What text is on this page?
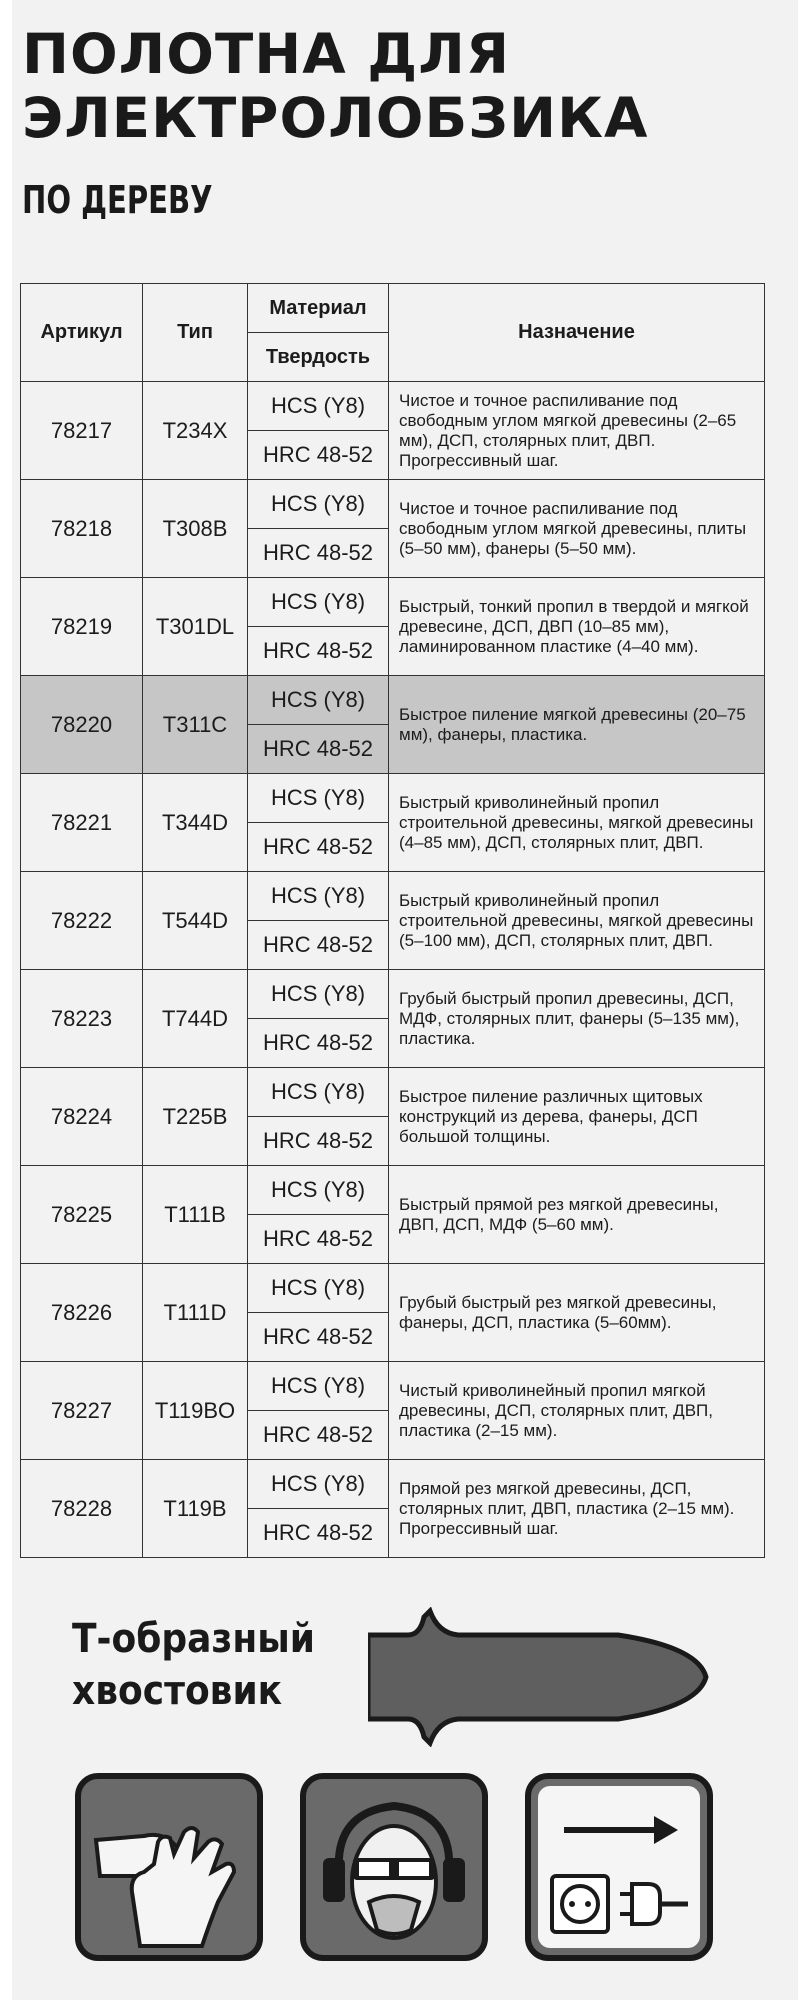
ПОЛОТНА ДЛЯ
ЭЛЕКТРОЛОБЗИКА
ПО ДЕРЕВУ
Артикул	Тип	Материал	Назначение
		Твердость	
78217	T234X	HCS (Y8)	Чистое и точное распиливание под свободным углом мягкой древесины (2–65 мм), ДСП, столярных плит, ДВП. Прогрессивный шаг.
		HRC 48-52	
78218	T308B	HCS (Y8)	Чистое и точное распиливание под свободным углом мягкой древесины, плиты (5–50 мм), фанеры (5–50 мм).
		HRC 48-52	
78219	T301DL	HCS (Y8)	Быстрый, тонкий пропил в твердой и мягкой древесине, ДСП, ДВП (10–85 мм), ламинированном пластике (4–40 мм).
		HRC 48-52	
78220	T311C	HCS (Y8)	Быстрое пиление мягкой древесины (20–75 мм), фанеры, пластика.
		HRC 48-52	
78221	T344D	HCS (Y8)	Быстрый криволинейный пропил строительной древесины, мягкой древесины (4–85 мм), ДСП, столярных плит, ДВП.
		HRC 48-52	
78222	T544D	HCS (Y8)	Быстрый криволинейный пропил строительной древесины, мягкой древесины (5–100 мм), ДСП, столярных плит, ДВП.
		HRC 48-52	
78223	T744D	HCS (Y8)	Грубый быстрый пропил древесины, ДСП, МДФ, столярных плит, фанеры (5–135 мм), пластика.
		HRC 48-52	
78224	T225B	HCS (Y8)	Быстрое пиление различных щитовых конструкций из дерева, фанеры, ДСП большой толщины.
		HRC 48-52	
78225	T111B	HCS (Y8)	Быстрый прямой рез мягкой древесины, ДВП, ДСП, МДФ (5–60 мм).
		HRC 48-52	
78226	T111D	HCS (Y8)	Грубый быстрый рез мягкой древесины, фанеры, ДСП, пластика (5–60мм).
		HRC 48-52	
78227	T119BO	HCS (Y8)	Чистый криволинейный пропил мягкой древесины, ДСП, столярных плит, ДВП, пластика (2–15 мм).
		HRC 48-52	
78228	T119B	HCS (Y8)	Прямой рез мягкой древесины, ДСП, столярных плит, ДВП, пластика (2–15 мм). Прогрессивный шаг.
		HRC 48-52	
Т-образный
хвостовик
